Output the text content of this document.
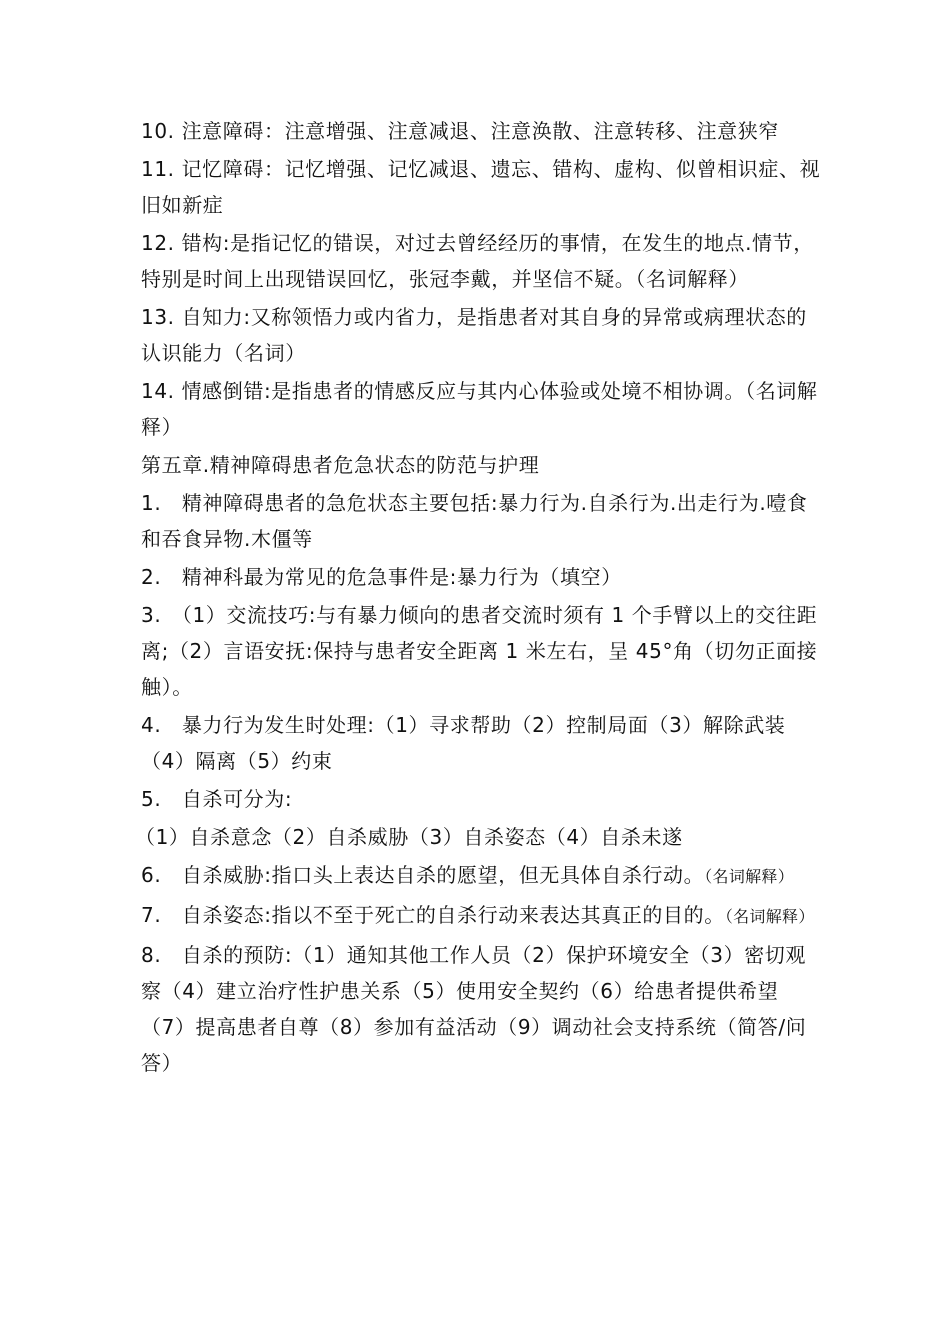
10. 注意障碍：注意增强、注意减退、注意涣散、注意转移、注意狭窄

11. 记忆障碍：记忆增强、记忆减退、遗忘、错构、虚构、似曾相识症、视旧如新症

12. 错构:是指记忆的错误，对过去曾经经历的事情，在发生的地点.情节，特别是时间上出现错误回忆，张冠李戴，并坚信不疑。（名词解释）

13. 自知力:又称领悟力或内省力，是指患者对其自身的异常或病理状态的认识能力（名词）

14. 情感倒错:是指患者的情感反应与其内心体验或处境不相协调。（名词解释）

第五章.精神障碍患者危急状态的防范与护理

1.　精神障碍患者的急危状态主要包括:暴力行为.自杀行为.出走行为.噎食和吞食异物.木僵等

2.　精神科最为常见的危急事件是:暴力行为（填空）

3.　（1）交流技巧:与有暴力倾向的患者交流时须有 1 个手臂以上的交往距离;（2）言语安抚:保持与患者安全距离 1 米左右，呈 45°角（切勿正面接触）。

4.　暴力行为发生时处理:（1）寻求帮助（2）控制局面（3）解除武装（4）隔离（5）约束

5.　自杀可分为:

（1）自杀意念（2）自杀威胁（3）自杀姿态（4）自杀未遂

6.　自杀威胁:指口头上表达自杀的愿望，但无具体自杀行动。（名词解释）

7.　自杀姿态:指以不至于死亡的自杀行动来表达其真正的目的。（名词解释）

8.　自杀的预防:（1）通知其他工作人员（2）保护环境安全（3）密切观察（4）建立治疗性护患关系（5）使用安全契约（6）给患者提供希望（7）提高患者自尊（8）参加有益活动（9）调动社会支持系统（简答/问答）
